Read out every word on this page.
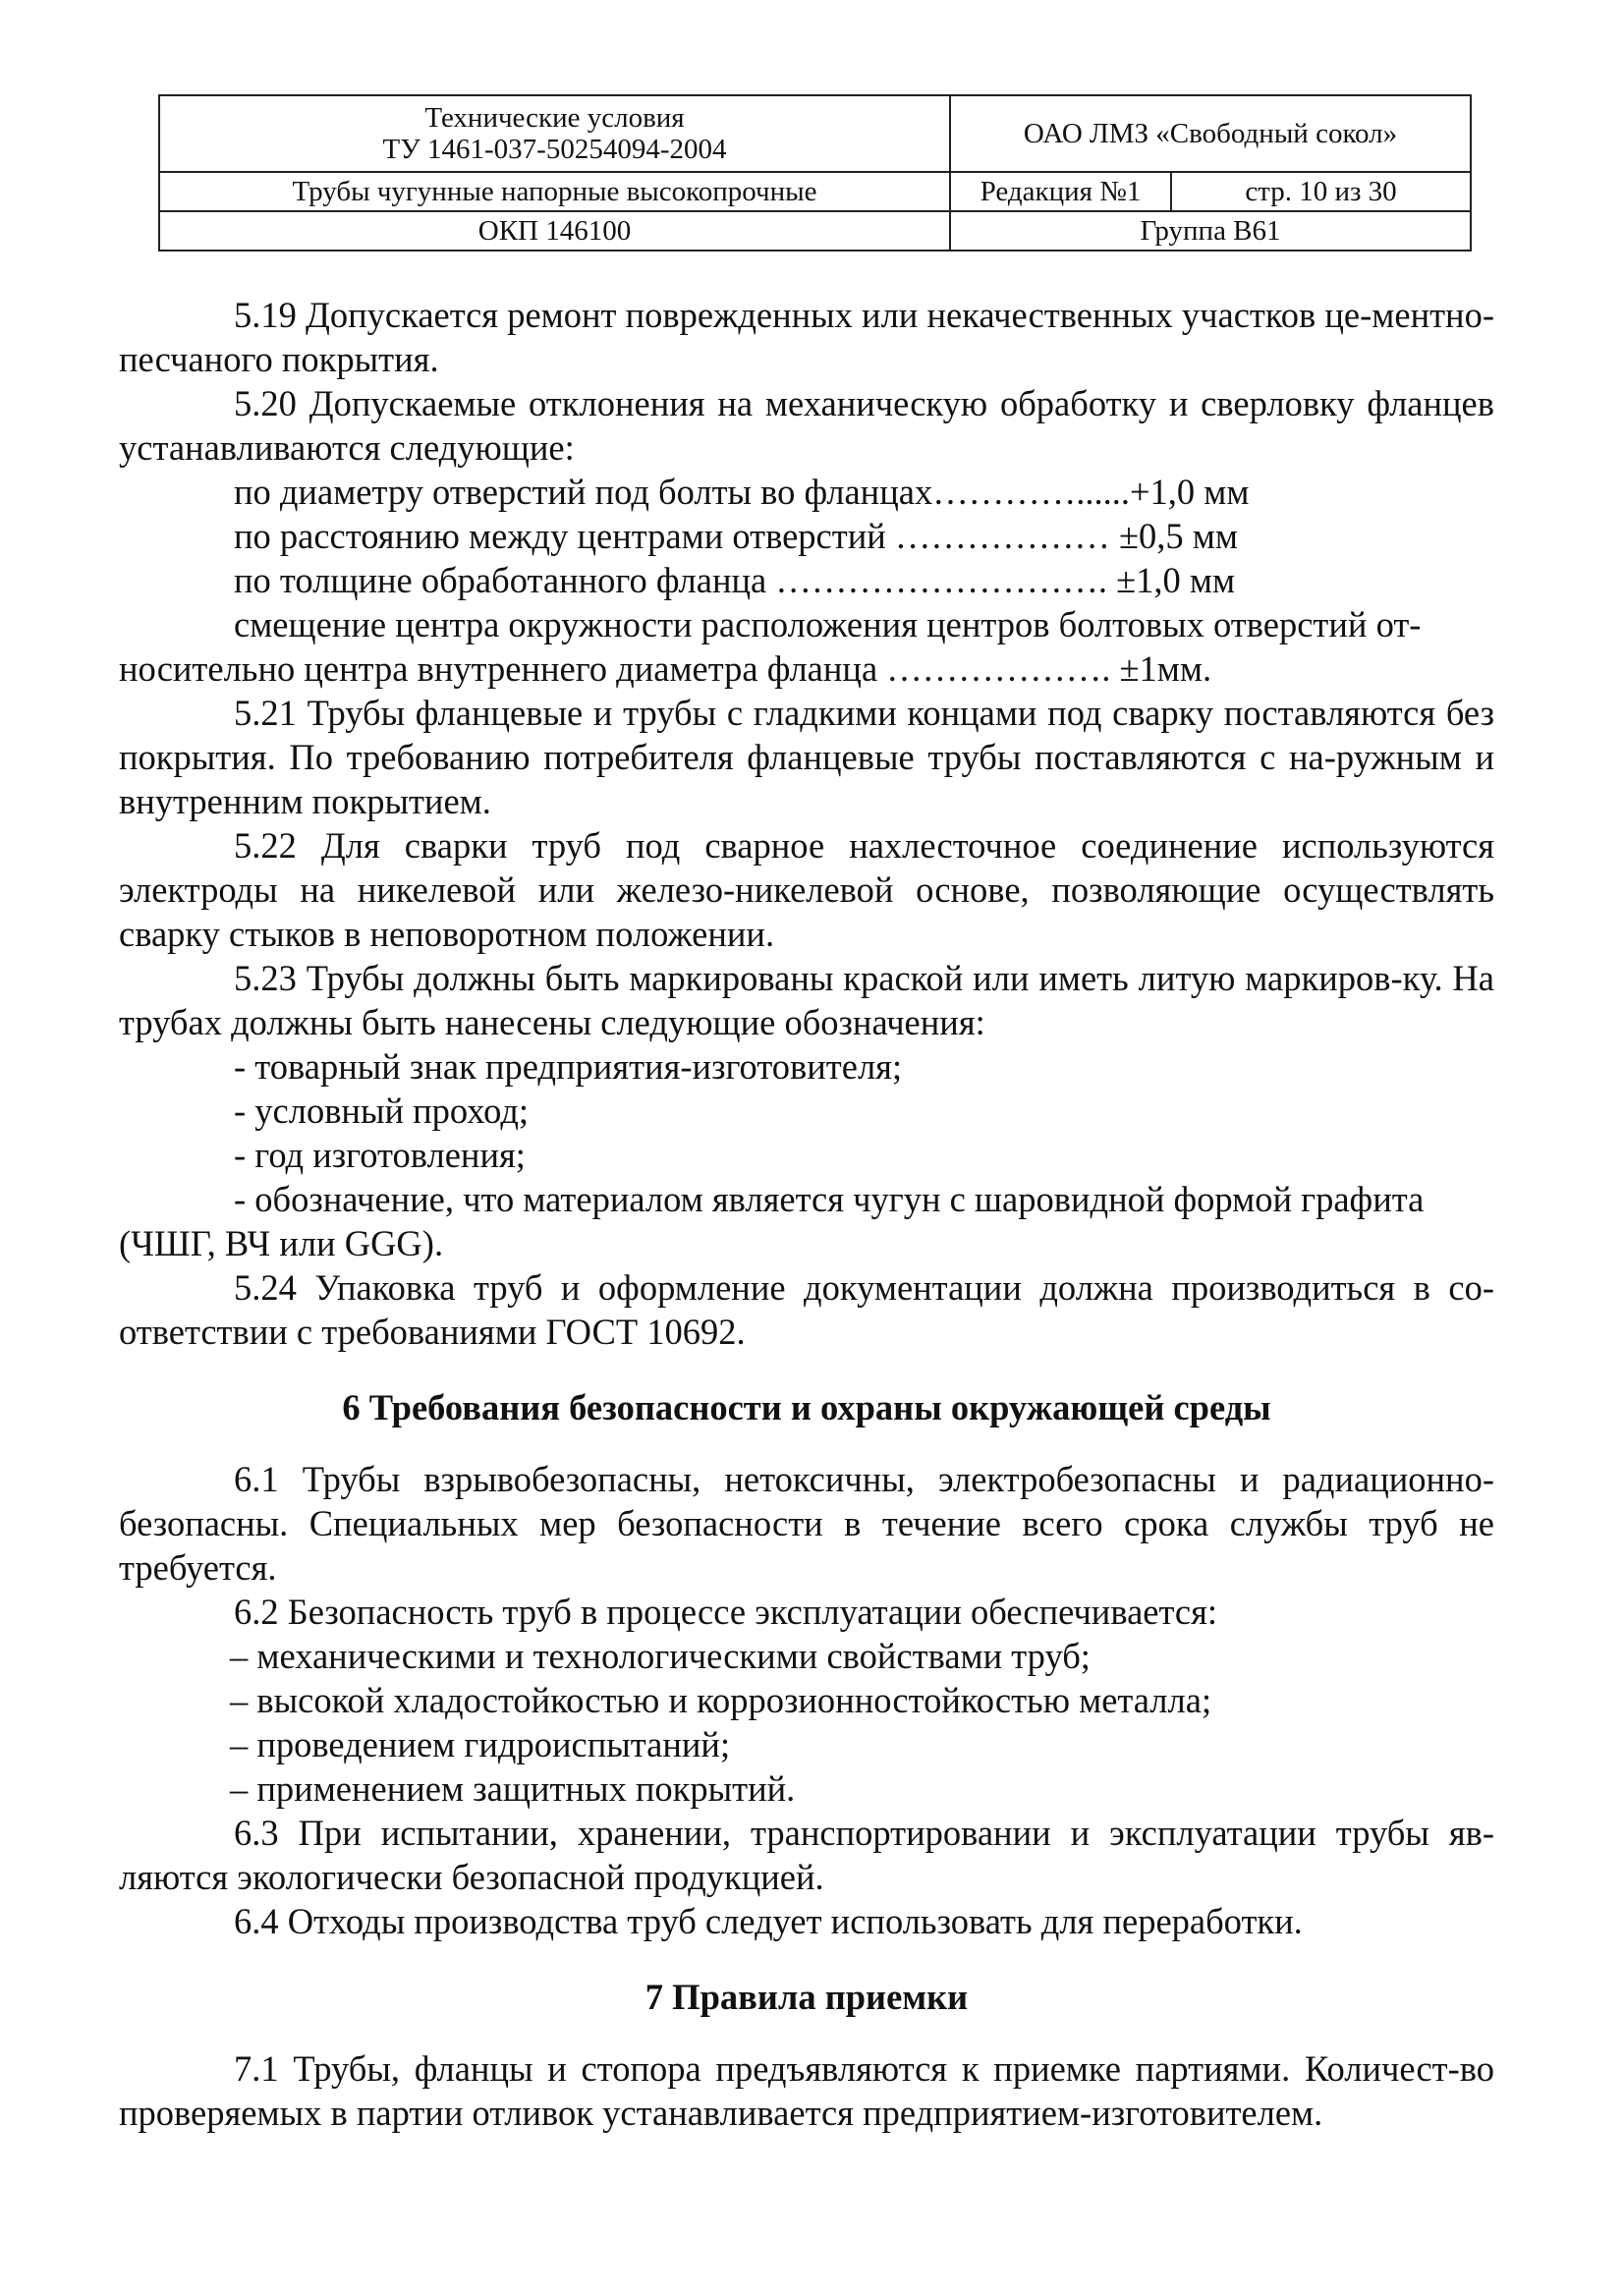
Технические условия
ТУ 1461-037-50254094-2004	ОАО ЛМЗ «Свободный сокол»	
Трубы чугунные напорные высокопрочные	Редакция №1	стр. 10 из 30
ОКП 146100	Группа В61	

5.19 Допускается ремонт поврежденных или некачественных участков це-ментно-песчаного покрытия.

5.20 Допускаемые отклонения на механическую обработку и сверловку фланцев устанавливаются следующие:

по диаметру отверстий под болты во фланцах…………......+1,0 мм

по расстоянию между центрами отверстий ……………… ±0,5 мм

по толщине обработанного фланца ………………………. ±1,0 мм

смещение центра окружности расположения центров болтовых отверстий от-

носительно центра внутреннего диаметра фланца ………………. ±1мм.

5.21 Трубы фланцевые и трубы с гладкими концами под сварку поставляются без покрытия. По требованию потребителя фланцевые трубы поставляются с на-ружным и внутренним покрытием.

5.22 Для сварки труб под сварное нахлесточное соединение используются электроды на никелевой или железо-никелевой основе, позволяющие осуществлять сварку стыков в неповоротном положении.

5.23 Трубы должны быть маркированы краской или иметь литую маркиров-ку. На трубах должны быть нанесены следующие обозначения:

- товарный знак предприятия-изготовителя;

- условный проход;

- год изготовления;

- обозначение, что материалом является чугун с шаровидной формой графита

(ЧШГ, ВЧ или GGG).

5.24 Упаковка труб и оформление документации должна производиться в со-ответствии с требованиями ГОСТ 10692.

6 Требования безопасности и охраны окружающей среды

6.1 Трубы взрывобезопасны, нетоксичны, электробезопасны и радиационно-безопасны. Специальных мер безопасности в течение всего срока службы труб не требуется.

6.2 Безопасность труб в процессе эксплуатации обеспечивается:

– механическими и технологическими свойствами труб;

– высокой хладостойкостью и коррозионностойкостью металла;

– проведением гидроиспытаний;

– применением защитных покрытий.

6.3 При испытании, хранении, транспортировании и эксплуатации трубы яв-ляются экологически безопасной продукцией.

6.4 Отходы производства труб следует использовать для переработки.

7 Правила приемки

7.1 Трубы, фланцы и стопора предъявляются к приемке партиями. Количест-во проверяемых в партии отливок устанавливается предприятием-изготовителем.
